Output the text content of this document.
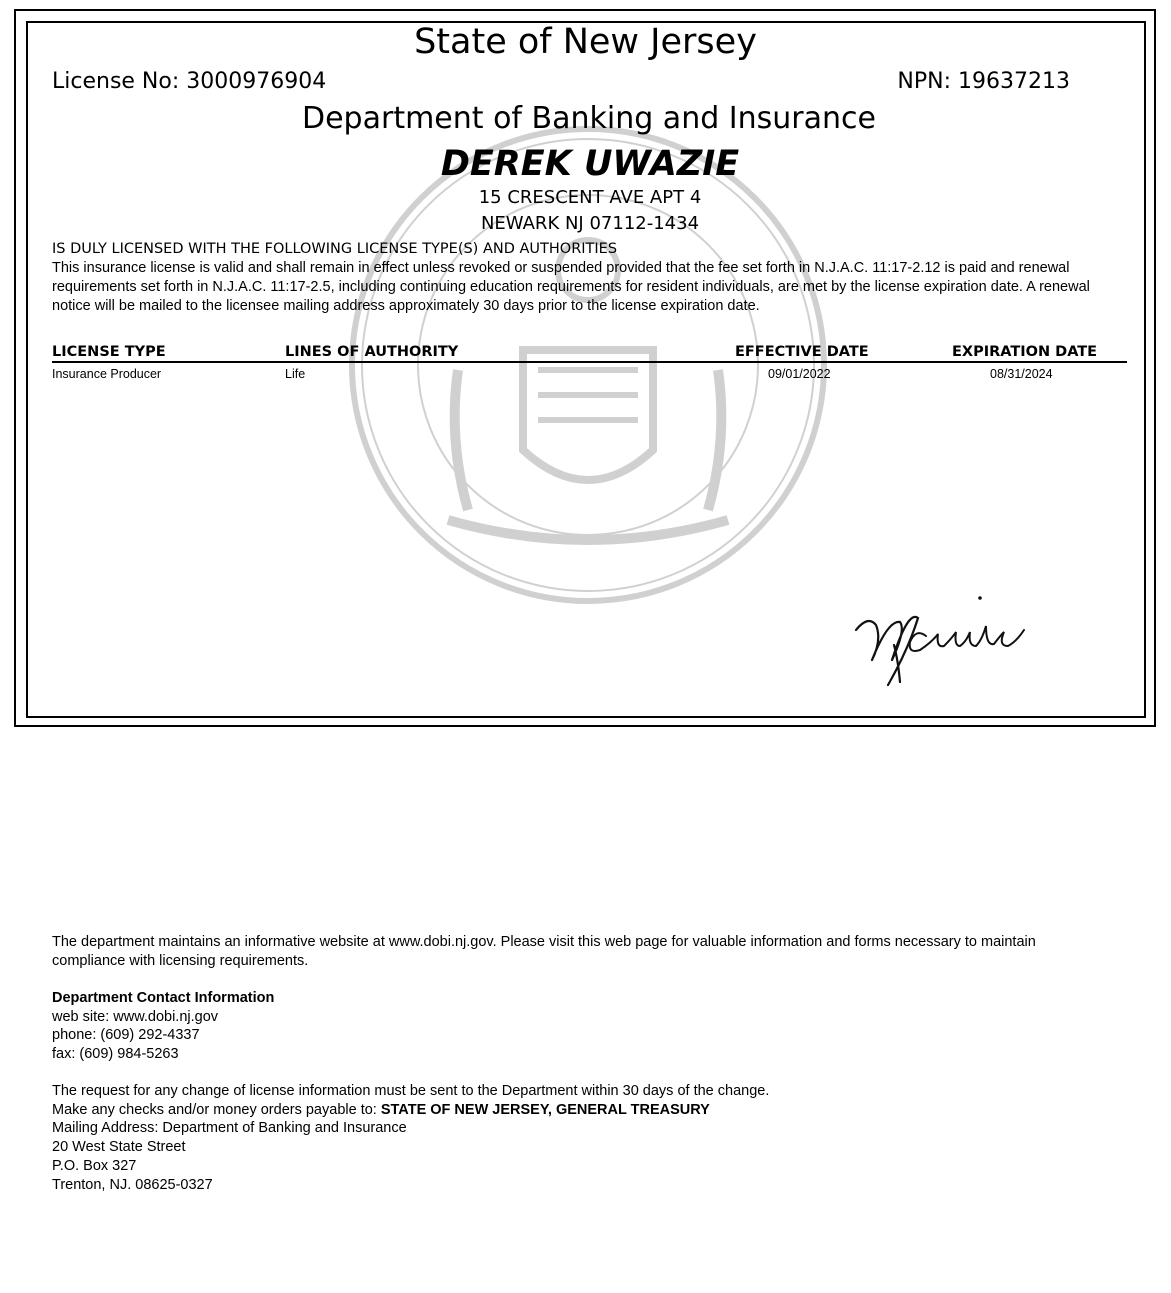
State of New Jersey
License No: 3000976904	NPN: 19637213
Department of Banking and Insurance
DEREK UWAZIE
15 CRESCENT AVE APT 4
NEWARK NJ 07112-1434
IS DULY LICENSED WITH THE FOLLOWING LICENSE TYPE(S) AND AUTHORITIES
This insurance license is valid and shall remain in effect unless revoked or suspended provided that the fee set forth in N.J.A.C. 11:17-2.12 is paid and renewal requirements set forth in N.J.A.C. 11:17-2.5, including continuing education requirements for resident individuals, are met by the license expiration date. A renewal notice will be mailed to the licensee mailing address approximately 30 days prior to the license expiration date.
LICENSE TYPE	LINES OF AUTHORITY	EFFECTIVE DATE	EXPIRATION DATE
Insurance Producer	Life	09/01/2022	08/31/2024
The department maintains an informative website at www.dobi.nj.gov. Please visit this web page for valuable information and forms necessary to maintain compliance with licensing requirements.
Department Contact Information
web site: www.dobi.nj.gov
phone: (609) 292-4337
fax: (609) 984-5263
The request for any change of license information must be sent to the Department within 30 days of the change.
Make any checks and/or money orders payable to: STATE OF NEW JERSEY, GENERAL TREASURY
Mailing Address: Department of Banking and Insurance
20 West State Street
P.O. Box 327
Trenton, NJ. 08625-0327
